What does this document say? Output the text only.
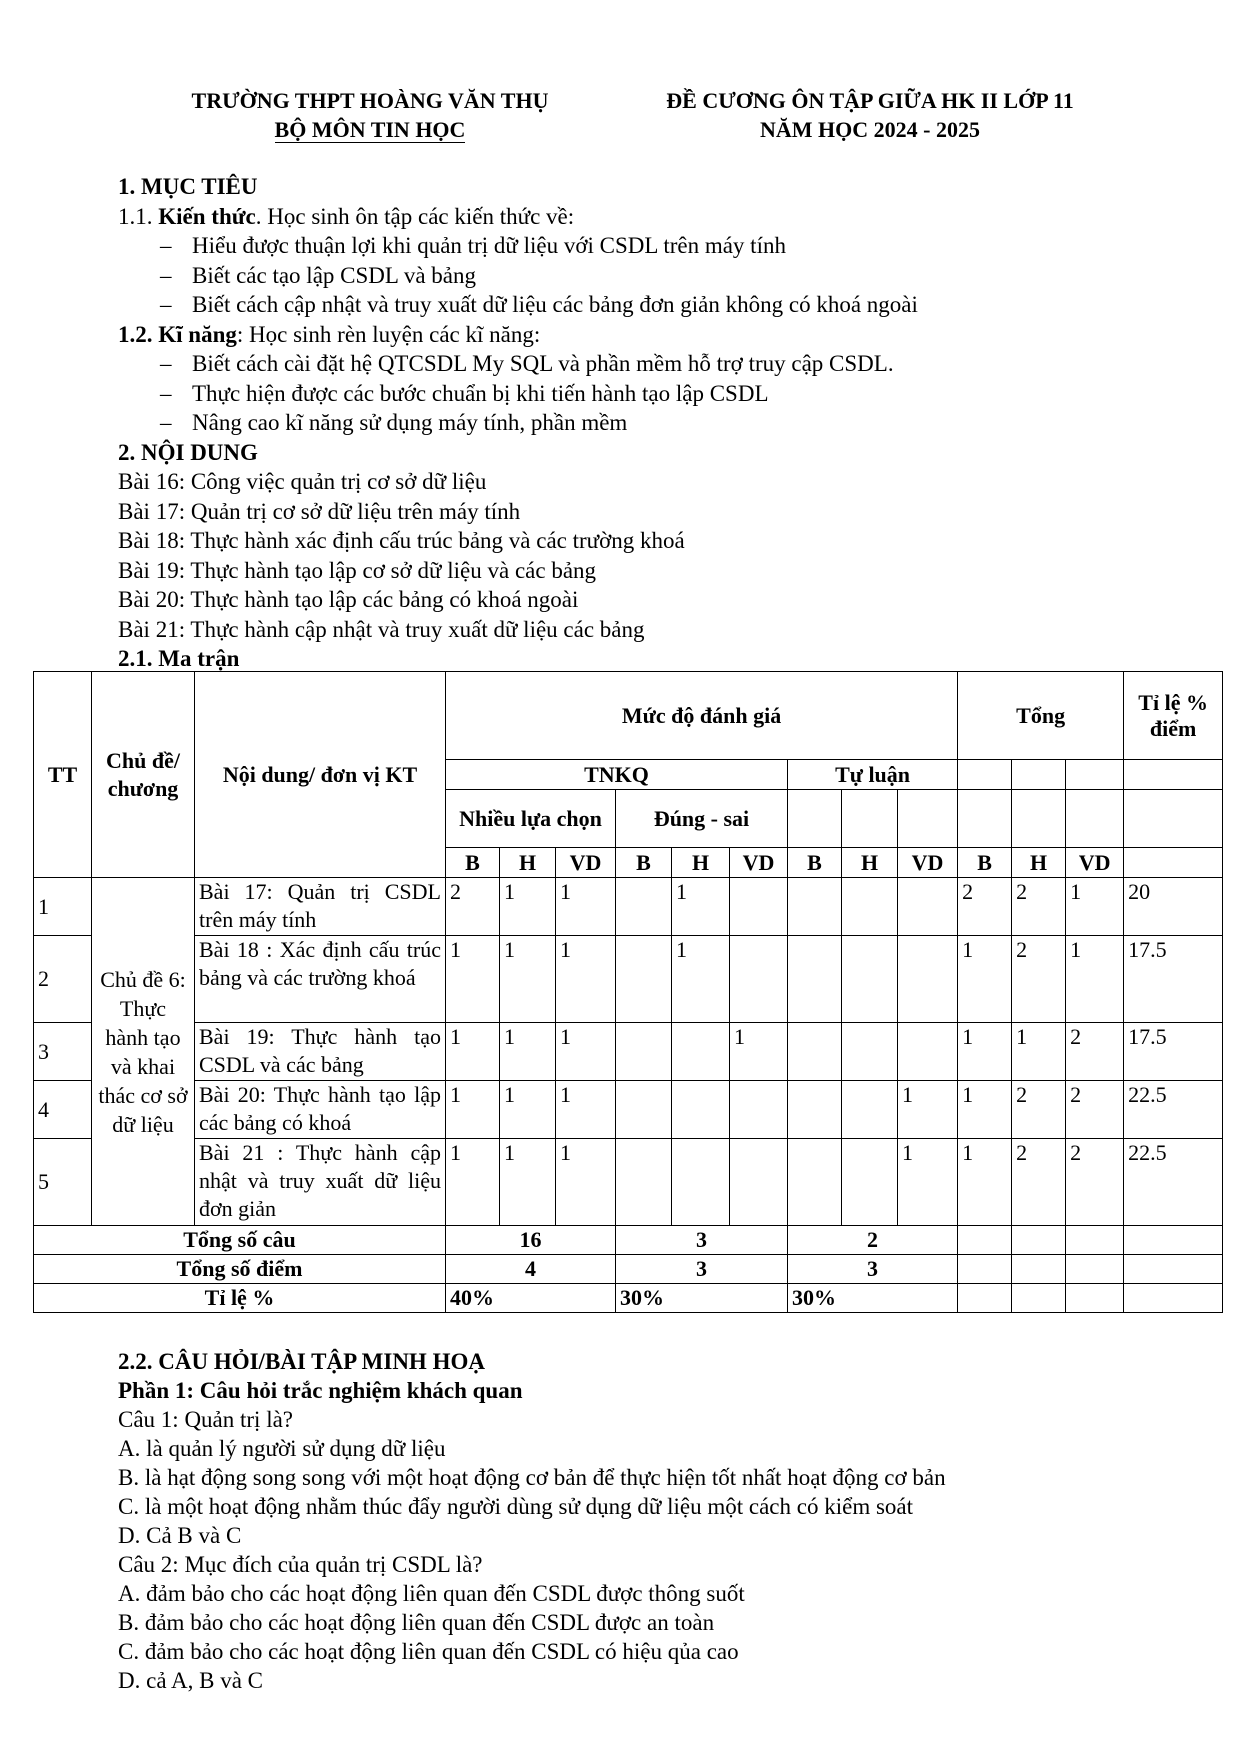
TRƯỜNG THPT HOÀNG VĂN THỤ
BỘ MÔN TIN HỌC
ĐỀ CƯƠNG ÔN TẬP GIỮA HK II LỚP 11
NĂM HỌC 2024 - 2025

1. MỤC TIÊU

1.1. Kiến thức. Học sinh ôn tập các kiến thức về:

– Hiểu được thuận lợi khi quản trị dữ liệu với CSDL trên máy tính

– Biết các tạo lập CSDL và bảng

– Biết cách cập nhật và truy xuất dữ liệu các bảng đơn giản không có khoá ngoài

1.2. Kĩ năng: Học sinh rèn luyện các kĩ năng:

– Biết cách cài đặt hệ QTCSDL My SQL và phần mềm hỗ trợ truy cập CSDL.

– Thực hiện được các bước chuẩn bị khi tiến hành tạo lập CSDL

– Nâng cao kĩ năng sử dụng máy tính, phần mềm

2. NỘI DUNG

Bài 16: Công việc quản trị cơ sở dữ liệu

Bài 17: Quản trị cơ sở dữ liệu trên máy tính

Bài 18: Thực hành xác định cấu trúc bảng và các trường khoá

Bài 19: Thực hành tạo lập cơ sở dữ liệu và các bảng

Bài 20: Thực hành tạo lập các bảng có khoá ngoài

Bài 21: Thực hành cập nhật và truy xuất dữ liệu các bảng

2.1. Ma trận

TT	Chủ đề/ chương	Nội dung/ đơn vị KT	Mức độ đánh giá									Tổng			Tỉ lệ % điểm
			TNKQ						Tự luận						
			Nhiều lựa chọn			Đúng - sai									
			B	H	VD	B	H	VD	B	H	VD	B	H	VD	
1	Chủ đề 6: Thực hành tạo và khai thác cơ sở dữ liệu	Bài 17: Quản trị CSDL trên máy tính	2	1	1		1					2	2	1	20
2		Bài 18 : Xác định cấu trúc bảng và các trường khoá	1	1	1		1					1	2	1	17.5
3		Bài 19: Thực hành tạo CSDL và các bảng	1	1	1			1				1	1	2	17.5
4		Bài 20: Thực hành tạo lập các bảng có khoá	1	1	1						1	1	2	2	22.5
5		Bài 21 : Thực hành cập nhật và truy xuất dữ liệu đơn giản	1	1	1						1	1	2	2	22.5
Tổng số câu			16			3			2						
Tổng số điểm			4			3			3						
Tỉ lệ %			40%			30%			30%						

2.2. CÂU HỎI/BÀI TẬP MINH HOẠ

Phần 1: Câu hỏi trắc nghiệm khách quan

Câu 1: Quản trị là?

A. là quản lý người sử dụng dữ liệu

B. là hạt động song song với một hoạt động cơ bản để thực hiện tốt nhất hoạt động cơ bản

C. là một hoạt động nhằm thúc đẩy người dùng sử dụng dữ liệu một cách có kiểm soát

D. Cả B và C

Câu 2: Mục đích của quản trị CSDL là?

A. đảm bảo cho các hoạt động liên quan đến CSDL được thông suốt

B. đảm bảo cho các hoạt động liên quan đến CSDL được an toàn

C. đảm bảo cho các hoạt động liên quan đến CSDL có hiệu qủa cao

D. cả A, B và C
